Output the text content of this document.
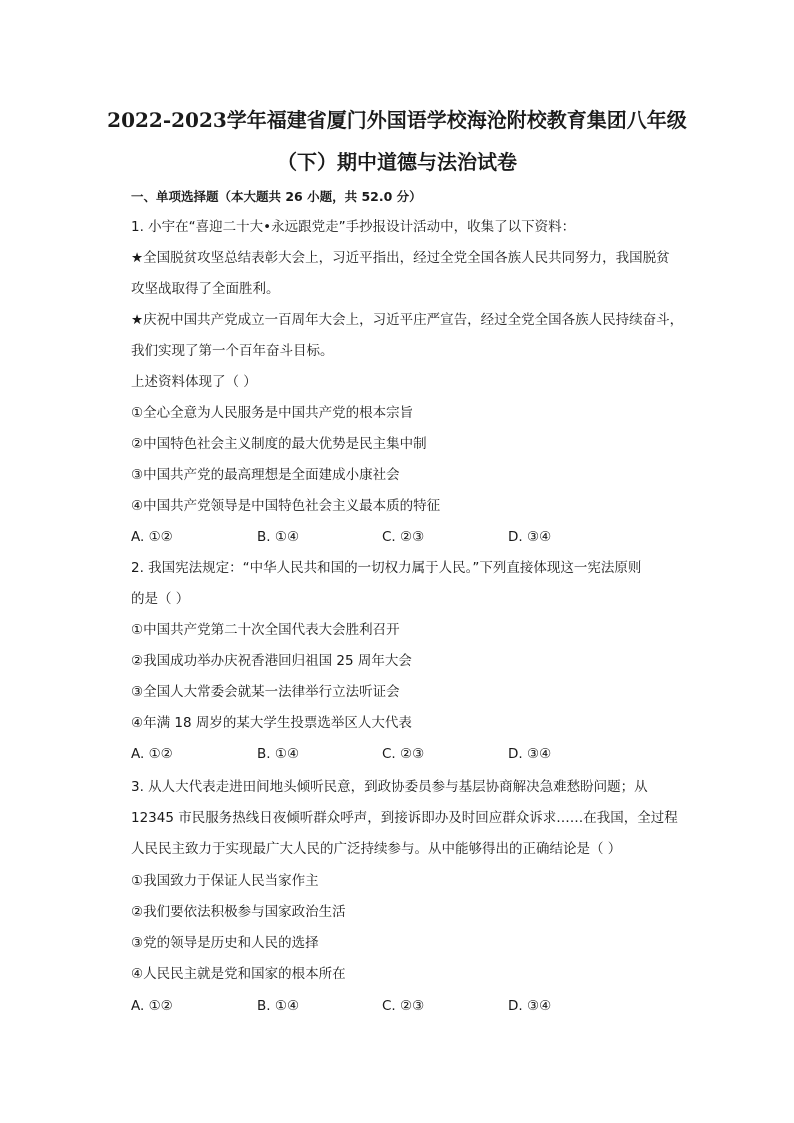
2022-2023学年福建省厦门外国语学校海沧附校教育集团八年级
（下）期中道德与法治试卷
一、单项选择题（本大题共 26 小题，共 52.0 分）
1. 小宇在“喜迎二十大•永远跟党走”手抄报设计活动中，收集了以下资料：
★全国脱贫攻坚总结表彰大会上，习近平指出，经过全党全国各族人民共同努力，我国脱贫
攻坚战取得了全面胜利。
★庆祝中国共产党成立一百周年大会上，习近平庄严宣告，经过全党全国各族人民持续奋斗，
我们实现了第一个百年奋斗目标。
上述资料体现了（ ）
①全心全意为人民服务是中国共产党的根本宗旨
②中国特色社会主义制度的最大优势是民主集中制
③中国共产党的最高理想是全面建成小康社会
④中国共产党领导是中国特色社会主义最本质的特征
A. ①②	B. ①④	C. ②③	D. ③④
2. 我国宪法规定：“中华人民共和国的一切权力属于人民。”下列直接体现这一宪法原则
的是（ ）
①中国共产党第二十次全国代表大会胜利召开
②我国成功举办庆祝香港回归祖国 25 周年大会
③全国人大常委会就某一法律举行立法听证会
④年满 18 周岁的某大学生投票选举区人大代表
A. ①②	B. ①④	C. ②③	D. ③④
3. 从人大代表走进田间地头倾听民意，到政协委员参与基层协商解决急难愁盼问题；从
12345 市民服务热线日夜倾听群众呼声，到接诉即办及时回应群众诉求……在我国，全过程
人民民主致力于实现最广大人民的广泛持续参与。从中能够得出的正确结论是（ ）
①我国致力于保证人民当家作主
②我们要依法积极参与国家政治生活
③党的领导是历史和人民的选择
④人民民主就是党和国家的根本所在
A. ①②	B. ①④	C. ②③	D. ③④
